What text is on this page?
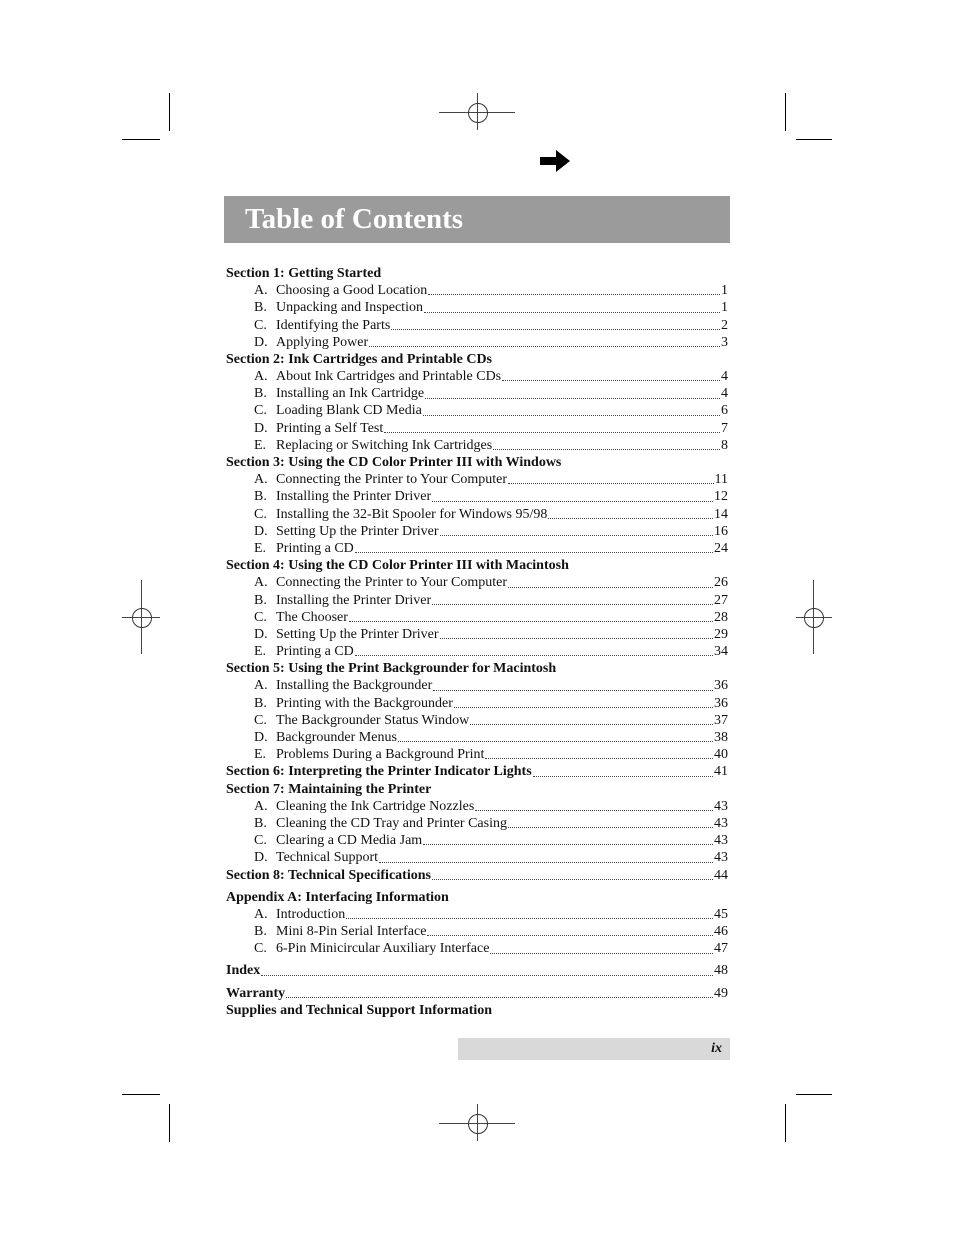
Table of Contents
Section 1: Getting Started
A. Choosing a Good Location	1
B. Unpacking and Inspection	1
C. Identifying the Parts	2
D. Applying Power	3
Section 2: Ink Cartridges and Printable CDs
A. About Ink Cartridges and Printable CDs	4
B. Installing an Ink Cartridge	4
C. Loading Blank CD Media	6
D. Printing a Self Test	7
E. Replacing or Switching Ink Cartridges	8
Section 3: Using the CD Color Printer III with Windows
A. Connecting the Printer to Your Computer	11
B. Installing the Printer Driver	12
C. Installing the 32-Bit Spooler for Windows 95/98	14
D. Setting Up the Printer Driver	16
E. Printing a CD	24
Section 4: Using the CD Color Printer III with Macintosh
A. Connecting the Printer to Your Computer	26
B. Installing the Printer Driver	27
C. The Chooser	28
D. Setting Up the Printer Driver	29
E. Printing a CD	34
Section 5: Using the Print Backgrounder for Macintosh
A. Installing the Backgrounder	36
B. Printing with the Backgrounder	36
C. The Backgrounder Status Window	37
D. Backgrounder Menus	38
E. Problems During a Background Print	40
Section 6: Interpreting the Printer Indicator Lights	41
Section 7: Maintaining the Printer
A. Cleaning the Ink Cartridge Nozzles	43
B. Cleaning the CD Tray and Printer Casing	43
C. Clearing a CD Media Jam	43
D. Technical Support	43
Section 8: Technical Specifications	44
Appendix A: Interfacing Information
A. Introduction	45
B. Mini 8-Pin Serial Interface	46
C. 6-Pin Minicircular Auxiliary Interface	47
Index	48
Warranty	49
Supplies and Technical Support Information
ix
